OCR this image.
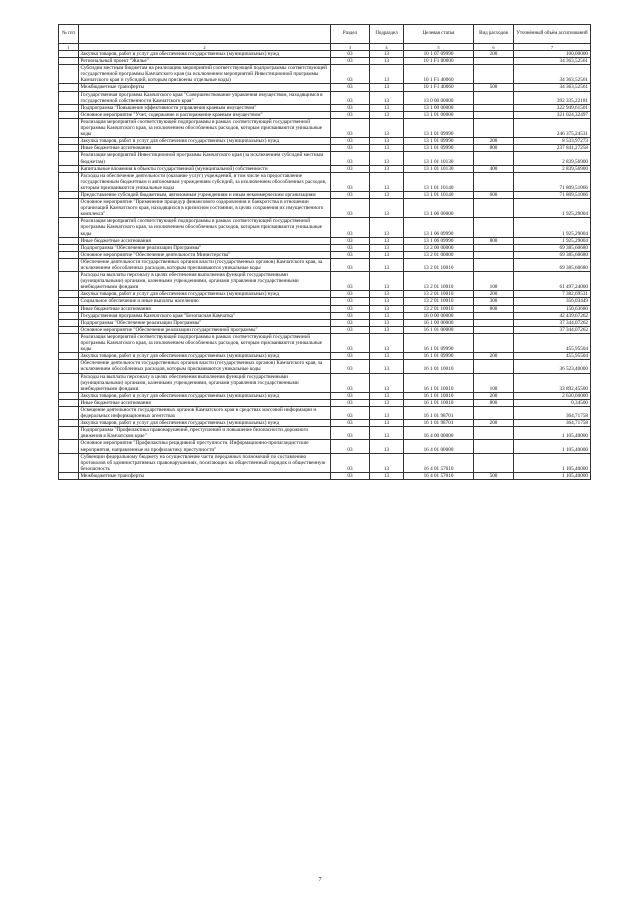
№ п/п		Раздел	Подраздел	Целевая статья	Вид расходов	Уточнённый объём ассигнований
1	2	3	4	5	6	7
	Закупка товаров, работ и услуг для обеспечения государственных (муниципальных) нужд	03	13	10 1 07 09990	200	100,00000
	Региональный проект "Жилье"	03	13	10 1 F1 00000		34 363,52561
	Субсидии местным бюджетам на реализацию мероприятий соответствующей подпрограммы соответствующей государственной программы Камчатского края (за исключением мероприятий Инвестиционной программы Камчатского края и субсидий, которым присвоены отдельные коды)	03	13	10 1 F1 40060		34 363,52561
	Межбюджетные трансферты	03	13	10 1 F1 40060	500	34 363,52561
	Государственная программа Камчатского края "Совершенствование управления имуществом, находящимся в государственной собственности Камчатского края"	03	13	13 0 00 00000		392 335,22181
	Подпрограмма "Повышение эффективности управления краевым имуществом"	03	13	13 1 00 00000		322 949,61501
	Основное мероприятие "Учет, содержание и распоряжение краевым имуществом"	03	13	13 1 01 00000		321 024,32497
	Реализация мероприятий соответствующей подпрограммы в рамках соответствующей государственной программы Камчатского края, за исключением обособленных расходов, которым присваиваются уникальные коды	03	13	13 1 01 09990		246 375,24531
	Закупка товаров, работ и услуг для обеспечения государственных (муниципальных) нужд	03	13	13 1 01 09990	200	8 533,97273
	Иные бюджетные ассигнования	03	13	13 1 01 09990	800	237 841,27258
	Реализация мероприятий Инвестиционной программы Камчатского края (за исключением субсидий местным бюджетам)	03	13	13 1 01 10130		2 839,56900
	Капитальные вложения в объекты государственной (муниципальной) собственности	03	13	13 1 01 10130	400	2 839,56900
	Расходы на обеспечение деятельности (оказание услуг) учреждений, в том числе на предоставление государственным бюджетным и автономным учреждениям субсидий, за исключением обособленных расходов, которым присваиваются уникальные коды	03	13	13 1 01 10140		71 809,51066
	Предоставление субсидий бюджетным, автономным учреждениям и иным некоммерческим организациям	03	13	13 1 01 10140	600	71 809,51066
	Основное мероприятие "Применение процедур финансового оздоровления и банкротства в отношении организаций Камчатского края, находящихся в кризисном состоянии, в целях сохранения их имущественного комплекса"	03	13	13 1 06 00000		1 925,29004
	Реализация мероприятий соответствующей подпрограммы в рамках соответствующей государственной программы Камчатского края, за исключением обособленных расходов, которым присваиваются уникальные коды	03	13	13 1 06 09990		1 925,29004
	Иные бюджетные ассигнования	03	13	13 1 06 09990	800	1 925,29004
	Подпрограмма "Обеспечение реализации Программы"	03	13	13 2 00 00000		69 385,60680
	Основное мероприятие "Обеспечение деятельности Министерства"	03	13	13 2 01 00000		69 385,60680
	Обеспечение деятельности государственных органов власти (государственных органов) Камчатского края, за исключением обособленных расходов, которым присваиваются уникальные коды	03	13	13 2 01 10010		69 385,60680
	Расходы на выплаты персоналу в целях обеспечения выполнения функций государственными (муниципальными) органами, казенными учреждениями, органами управления государственными внебюджетными фондами	03	13	13 2 01 10010	100	61 497,24000
	Закупка товаров, работ и услуг для обеспечения государственных (муниципальных) нужд	03	13	13 2 01 10010	200	7 382,69531
	Социальное обеспечение и иные выплаты населению	03	13	13 2 01 10010	300	356,03449
	Иные бюджетные ассигнования	03	13	13 2 01 10010	800	150,63680
	Государственная программа Камчатского края "Безопасная Камчатка"	03	13	16 0 00 00000		42 439,67262
	Подпрограмма "Обеспечение реализации Программы"	03	13	16 1 00 00000		37 344,07262
	Основное мероприятие "Обеспечение реализации государственной программы"	03	13	16 1 01 00000		37 344,07262
	Реализация мероприятий соответствующей подпрограммы в рамках соответствующей государственной программы Камчатского края, за исключением обособленных расходов, которым присваиваются уникальные коды	03	13	16 1 01 09990		455,95504
	Закупка товаров, работ и услуг для обеспечения государственных (муниципальных) нужд	03	13	16 1 01 09990	200	455,95504
	Обеспечение деятельности государственных органов власти (государственных органов) Камчатского края, за исключением обособленных расходов, которым присваиваются уникальные коды	03	13	16 1 01 10010		36 523,40000
	Расходы на выплаты персоналу в целях обеспечения выполнения функций государственными (муниципальными) органами, казенными учреждениями, органами управления государственными внебюджетными фондами	03	13	16 1 01 10010	100	33 892,45500
	Закупка товаров, работ и услуг для обеспечения государственных (муниципальных) нужд	03	13	16 1 01 10010	200	2 630,60000
	Иные бюджетные ассигнования	03	13	16 1 01 10010	800	0,34500
	Освещение деятельности государственных органов Камчатского края в средствах массовой информации и федеральных информационных агентствах	03	13	16 1 01 98701		364,71758
	Закупка товаров, работ и услуг для обеспечения государственных (муниципальных) нужд	03	13	16 1 01 98701	200	364,71758
	Подпрограмма "Профилактика правонарушений, преступлений и повышение безопасности дорожного движения в Камчатском крае"	03	13	16 4 00 00000		1 105,40000
	Основное мероприятие "Профилактика рецидивной преступности. Информационно-пропагандистские мероприятия, направленные на профилактику преступности"	03	13	16 4 01 00000		1 105,40000
	Субвенции федеральному бюджету на осуществление части переданных полномочий по составлению протоколов об административных правонарушениях, посягающих на общественный порядок и общественную безопасность	03	13	16 4 01 57010		1 105,40000
	Межбюджетные трансферты	03	13	16 4 01 57010	500	1 105,40000
7
